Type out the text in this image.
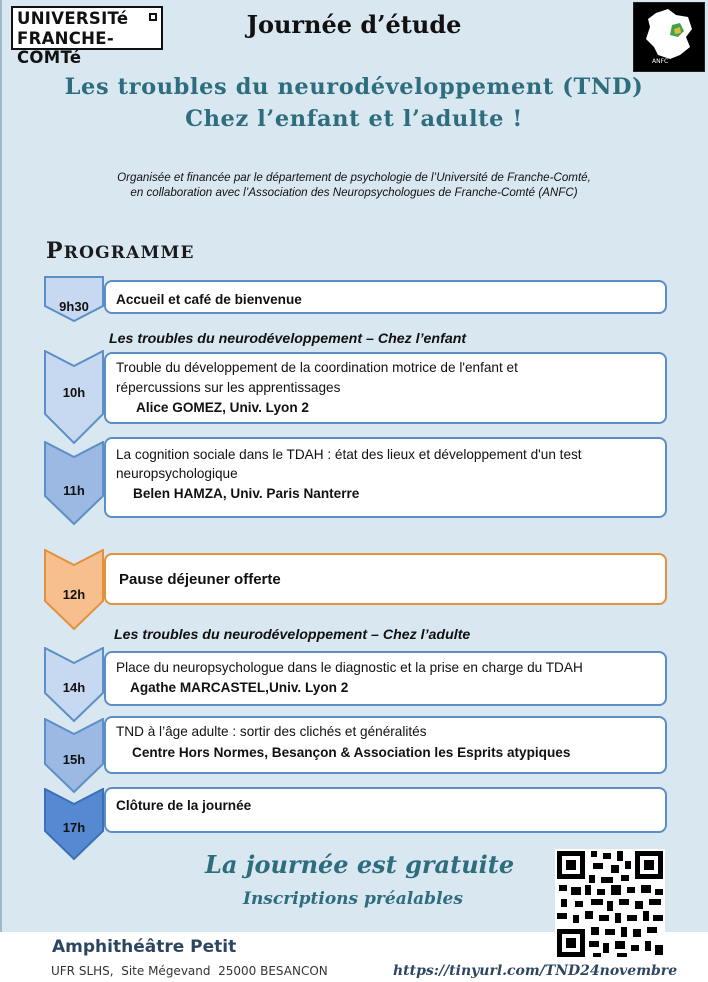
UNIVERSITé
FRANCHE-COMTé
Journée d’étude
ANFC
Les troubles du neurodéveloppement (TND)
Chez l’enfant et l’adulte !
Organisée et financée par le département de psychologie de l’Université de Franche-Comté,
en collaboration avec l’Association des Neuropsychologues de Franche-Comté (ANFC)
PROGRAMME
9h30	Accueil et café de bienvenue
Les troubles du neurodéveloppement – Chez l’enfant
10h
Trouble du développement de la coordination motrice de l'enfant et
répercussions sur les apprentissages
Alice GOMEZ, Univ. Lyon 2
11h
La cognition sociale dans le TDAH : état des lieux et développement d'un test
neuropsychologique
Belen HAMZA, Univ. Paris Nanterre
12h
Pause déjeuner offerte
Les troubles du neurodéveloppement – Chez l’adulte
14h
Place du neuropsychologue dans le diagnostic et la prise en charge du TDAH
Agathe MARCASTEL,Univ. Lyon 2
15h
TND à l’âge adulte : sortir des clichés et généralités
Centre Hors Normes, Besançon & Association les Esprits atypiques
17h
Clôture de la journée
La journée est gratuite
Inscriptions préalables
Amphithéâtre Petit
UFR SLHS,  Site Mégevand  25000 BESANCON	https://tinyurl.com/TND24novembre
